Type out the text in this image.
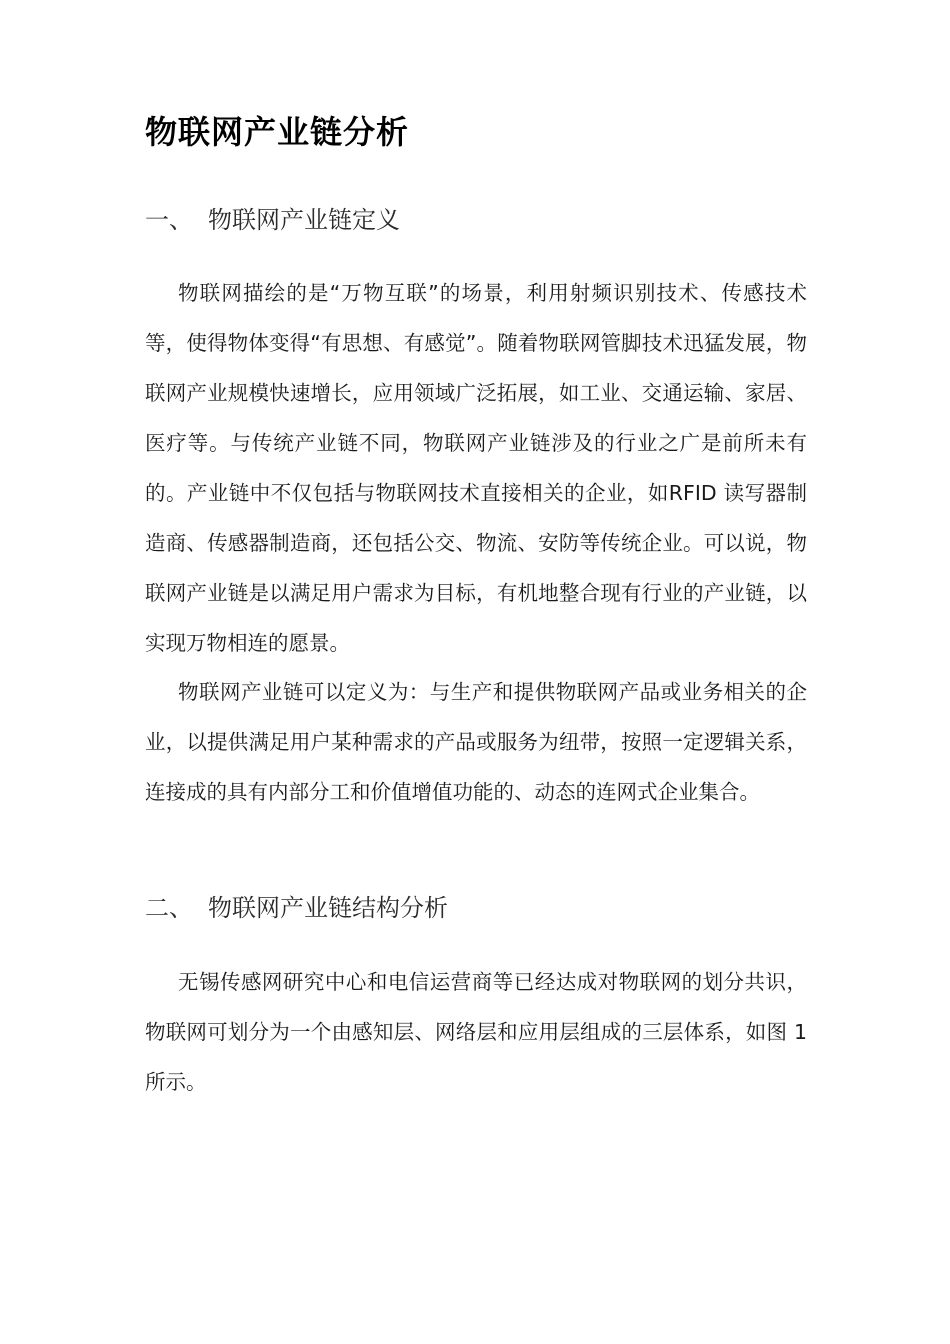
物联网产业链分析
一、 物联网产业链定义

物联网描绘的是“万物互联”的场景，利用射频识别技术、传感技术等，使得物体变得“有思想、有感觉”。随着物联网管脚技术迅猛发展，物联网产业规模快速增长，应用领域广泛拓展，如工业、交通运输、家居、医疗等。与传统产业链不同，物联网产业链涉及的行业之广是前所未有的。产业链中不仅包括与物联网技术直接相关的企业，如RFID 读写器制造商、传感器制造商，还包括公交、物流、安防等传统企业。可以说，物联网产业链是以满足用户需求为目标，有机地整合现有行业的产业链，以实现万物相连的愿景。

物联网产业链可以定义为：与生产和提供物联网产品或业务相关的企业，以提供满足用户某种需求的产品或服务为纽带，按照一定逻辑关系，连接成的具有内部分工和价值增值功能的、动态的连网式企业集合。

二、 物联网产业链结构分析

无锡传感网研究中心和电信运营商等已经达成对物联网的划分共识，物联网可划分为一个由感知层、网络层和应用层组成的三层体系，如图 1 所示。
